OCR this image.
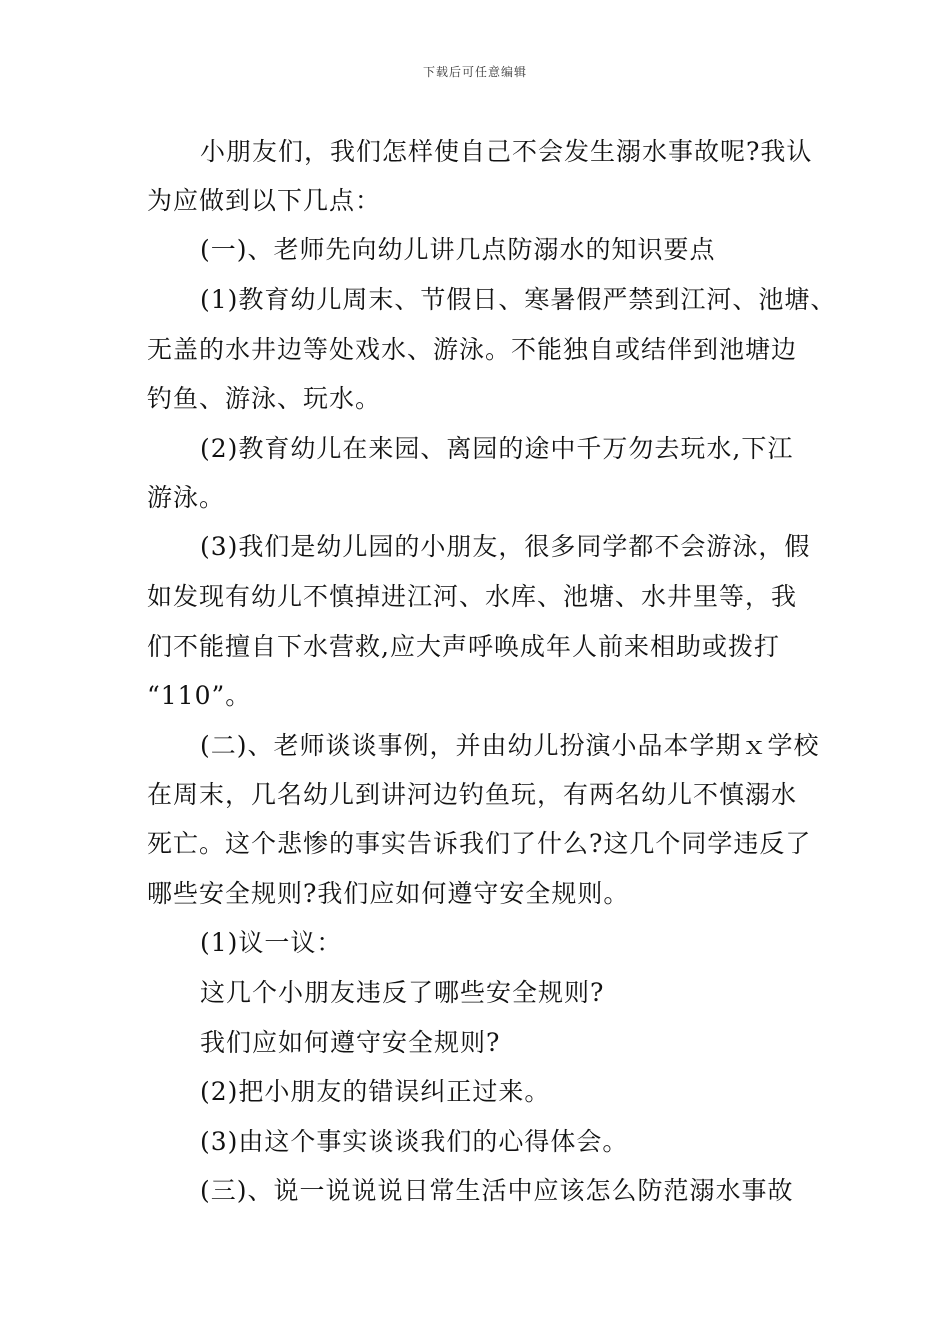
下载后可任意编辑
小朋友们，我们怎样使自己不会发生溺水事故呢?我认
为应做到以下几点：
(一)、老师先向幼儿讲几点防溺水的知识要点
(1)教育幼儿周末、节假日、寒暑假严禁到江河、池塘、
无盖的水井边等处戏水、游泳。不能独自或结伴到池塘边
钓鱼、游泳、玩水。
(2)教育幼儿在来园、离园的途中千万勿去玩水,下江
游泳。
(3)我们是幼儿园的小朋友，很多同学都不会游泳，假
如发现有幼儿不慎掉进江河、水库、池塘、水井里等，我
们不能擅自下水营救,应大声呼唤成年人前来相助或拨打
“110”。
(二)、老师谈谈事例，并由幼儿扮演小品本学期ｘ学校
在周末，几名幼儿到讲河边钓鱼玩，有两名幼儿不慎溺水
死亡。这个悲惨的事实告诉我们了什么?这几个同学违反了
哪些安全规则?我们应如何遵守安全规则。
(1)议一议：
这几个小朋友违反了哪些安全规则?
我们应如何遵守安全规则?
(2)把小朋友的错误纠正过来。
(3)由这个事实谈谈我们的心得体会。
(三)、说一说说说日常生活中应该怎么防范溺水事故
